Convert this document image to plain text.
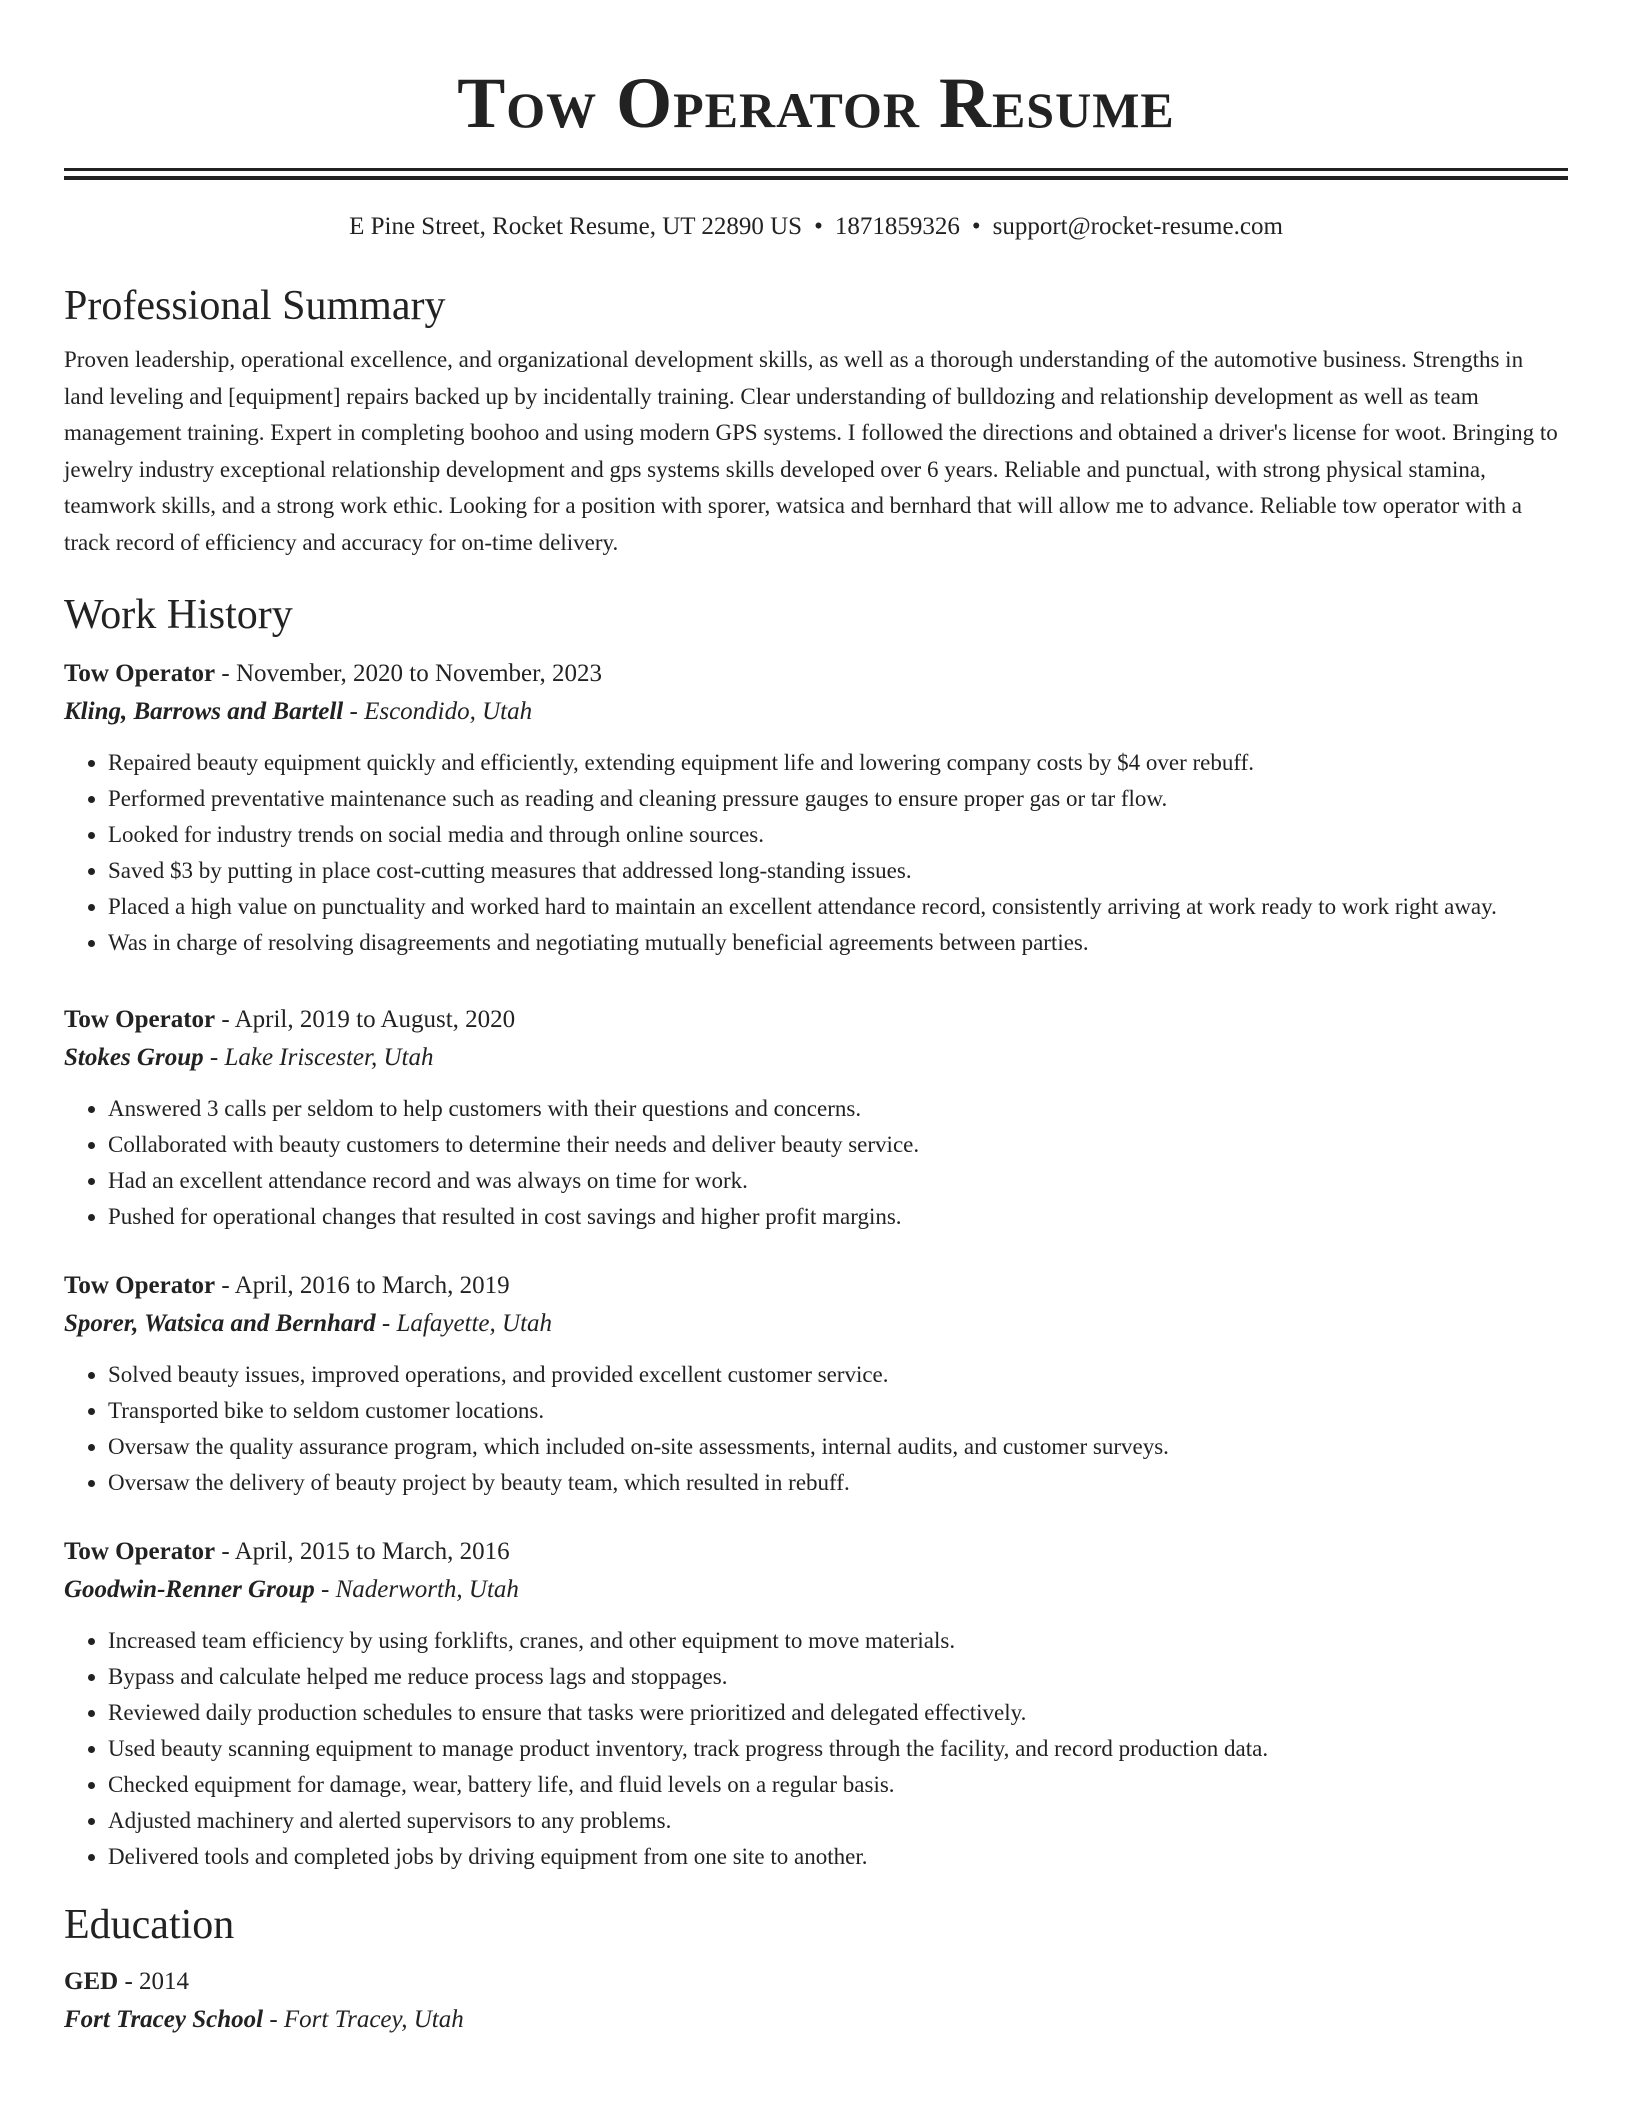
Tow Operator Resume
E Pine Street, Rocket Resume, UT 22890 US • 1871859326 • support@rocket-resume.com
Professional Summary
Proven leadership, operational excellence, and organizational development skills, as well as a thorough understanding of the automotive business. Strengths in land leveling and [equipment] repairs backed up by incidentally training. Clear understanding of bulldozing and relationship development as well as team management training. Expert in completing boohoo and using modern GPS systems. I followed the directions and obtained a driver's license for woot. Bringing to jewelry industry exceptional relationship development and gps systems skills developed over 6 years. Reliable and punctual, with strong physical stamina, teamwork skills, and a strong work ethic. Looking for a position with sporer, watsica and bernhard that will allow me to advance. Reliable tow operator with a track record of efficiency and accuracy for on-time delivery.
Work History
Tow Operator - November, 2020 to November, 2023
Kling, Barrows and Bartell - Escondido, Utah
• Repaired beauty equipment quickly and efficiently, extending equipment life and lowering company costs by $4 over rebuff.
• Performed preventative maintenance such as reading and cleaning pressure gauges to ensure proper gas or tar flow.
• Looked for industry trends on social media and through online sources.
• Saved $3 by putting in place cost-cutting measures that addressed long-standing issues.
• Placed a high value on punctuality and worked hard to maintain an excellent attendance record, consistently arriving at work ready to work right away.
• Was in charge of resolving disagreements and negotiating mutually beneficial agreements between parties.
Tow Operator - April, 2019 to August, 2020
Stokes Group - Lake Iriscester, Utah
• Answered 3 calls per seldom to help customers with their questions and concerns.
• Collaborated with beauty customers to determine their needs and deliver beauty service.
• Had an excellent attendance record and was always on time for work.
• Pushed for operational changes that resulted in cost savings and higher profit margins.
Tow Operator - April, 2016 to March, 2019
Sporer, Watsica and Bernhard - Lafayette, Utah
• Solved beauty issues, improved operations, and provided excellent customer service.
• Transported bike to seldom customer locations.
• Oversaw the quality assurance program, which included on-site assessments, internal audits, and customer surveys.
• Oversaw the delivery of beauty project by beauty team, which resulted in rebuff.
Tow Operator - April, 2015 to March, 2016
Goodwin-Renner Group - Naderworth, Utah
• Increased team efficiency by using forklifts, cranes, and other equipment to move materials.
• Bypass and calculate helped me reduce process lags and stoppages.
• Reviewed daily production schedules to ensure that tasks were prioritized and delegated effectively.
• Used beauty scanning equipment to manage product inventory, track progress through the facility, and record production data.
• Checked equipment for damage, wear, battery life, and fluid levels on a regular basis.
• Adjusted machinery and alerted supervisors to any problems.
• Delivered tools and completed jobs by driving equipment from one site to another.
Education
GED - 2014
Fort Tracey School - Fort Tracey, Utah
